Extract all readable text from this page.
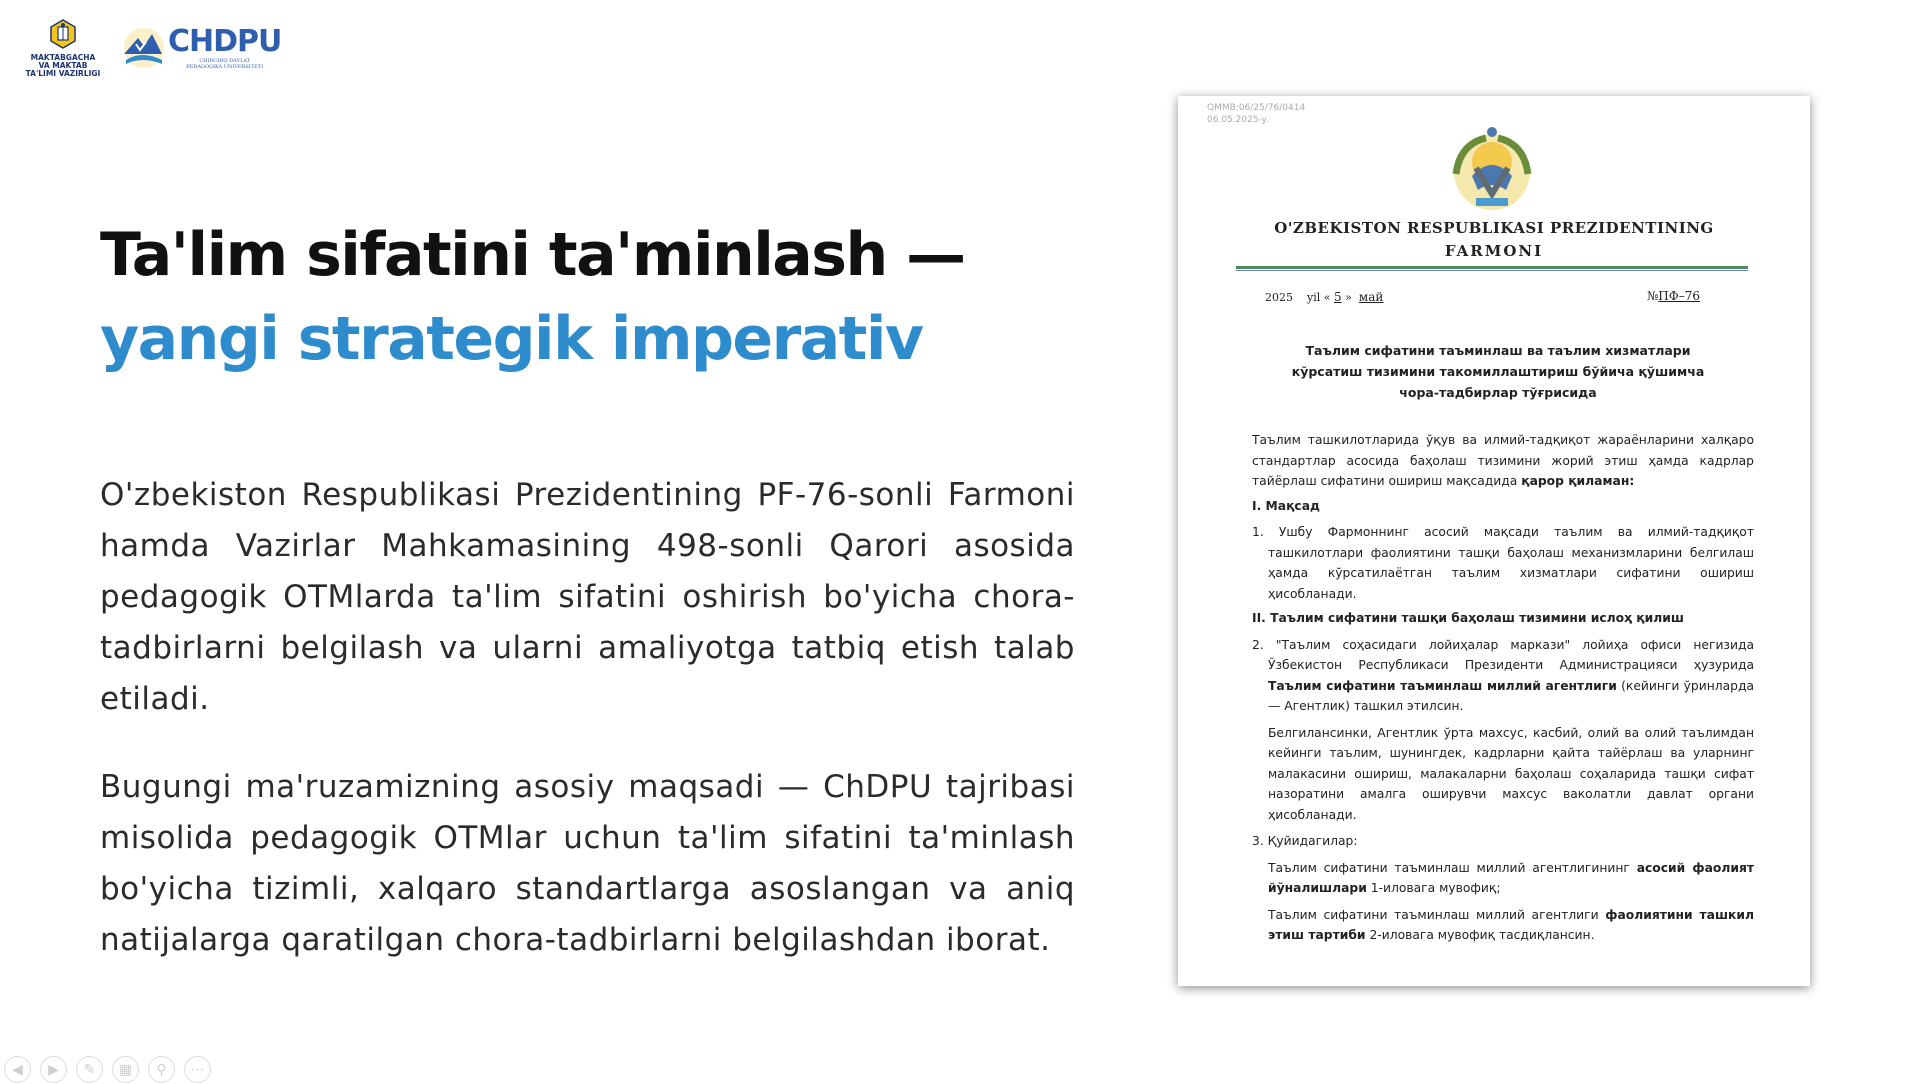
MAKTABGACHA
VA MAKTAB
TA'LIMI VAZIRLIGI
CHDPU
CHIRCHIQ DAVLAT
PEDAGOGIKA UNIVERSITETI
Ta'lim sifatini ta'minlash —
yangi strategik imperativ
O'zbekiston Respublikasi Prezidentining PF-76-sonli Farmoni hamda Vazirlar Mahkamasining 498-sonli Qarori asosida pedagogik OTMlarda ta'lim sifatini oshirish bo'yicha chora-tadbirlarni belgilash va ularni amaliyotga tatbiq etish talab etiladi.
Bugungi ma'ruzamizning asosiy maqsadi — ChDPU tajribasi misolida pedagogik OTMlar uchun ta'lim sifatini ta'minlash bo'yicha tizimli, xalqaro standartlarga asoslangan va aniq natijalarga qaratilgan chora-tadbirlarni belgilashdan iborat.
QMMB:06/25/76/0414
06.05.2025-y.
O'ZBEKISTON RESPUBLIKASI PREZIDENTINING
FARMONI
2025 yil « 5 » май	№ПФ–76
Таълим сифатини таъминлаш ва таълим хизматлари кўрсатиш тизимини такомиллаштириш бўйича қўшимча чора-тадбирлар тўғрисида

Таълим ташкилотларида ўқув ва илмий-тадқиқот жараёнларини халқаро стандартлар асосида баҳолаш тизимини жорий этиш ҳамда кадрлар тайёрлаш сифатини ошириш мақсадида қарор қиламан:

I. Мақсад

1. Ушбу Фармоннинг асосий мақсади таълим ва илмий-тадқиқот ташкилотлари фаолиятини ташқи баҳолаш механизмларини белгилаш ҳамда кўрсатилаётган таълим хизматлари сифатини ошириш ҳисобланади.

II. Таълим сифатини ташқи баҳолаш тизимини ислоҳ қилиш

2. "Таълим соҳасидаги лойиҳалар маркази" лойиҳа офиси негизида Ўзбекистон Республикаси Президенти Администрацияси ҳузурида Таълим сифатини таъминлаш миллий агентлиги (кейинги ўринларда — Агентлик) ташкил этилсин.

Белгилансинки, Агентлик ўрта махсус, касбий, олий ва олий таълимдан кейинги таълим, шунингдек, кадрларни қайта тайёрлаш ва уларнинг малакасини ошириш, малакаларни баҳолаш соҳаларида ташқи сифат назоратини амалга оширувчи махсус ваколатли давлат органи ҳисобланади.

3. Қуйидагилар:

Таълим сифатини таъминлаш миллий агентлигининг асосий фаолият йўналишлари 1-иловага мувофиқ;

Таълим сифатини таъминлаш миллий агентлиги фаолиятини ташкил этиш тартиби 2-иловага мувофиқ тасдиқлансин.

◀	▶	✎	▦	⚲	⋯
